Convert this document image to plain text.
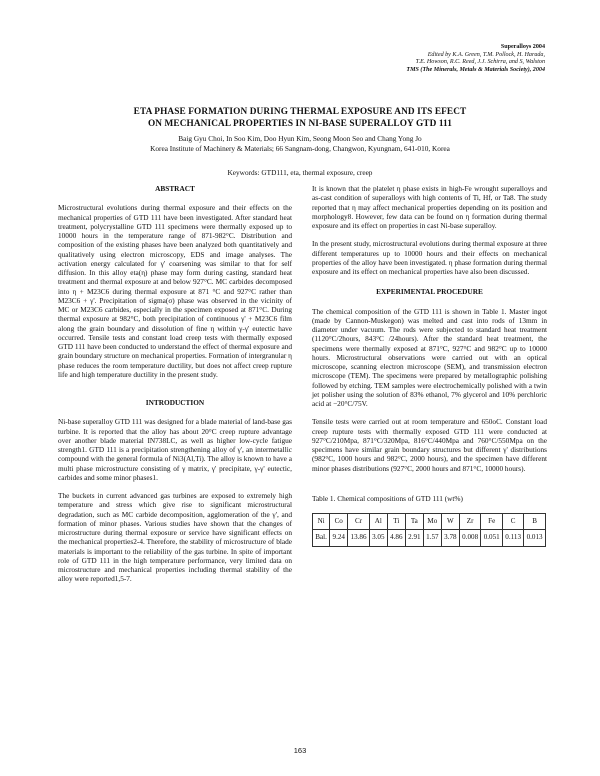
Superalloys 2004
Edited by K.A. Green, T.M. Pollock, H. Harada,
T.E. Howson, R.C. Reed, J.J. Schirra, and S, Walston
TMS (The Minerals, Metals & Materials Society), 2004
ETA PHASE FORMATION DURING THERMAL EXPOSURE AND ITS EFECT
ON MECHANICAL PROPERTIES IN NI-BASE SUPERALLOY GTD 111
Baig Gyu Choi, In Soo Kim, Doo Hyun Kim, Seong Moon Seo and Chang Yong Jo
Korea Institute of Machinery & Materials; 66 Sangnam-dong, Changwon, Kyungnam, 641-010, Korea
Keywords: GTD111, eta, thermal exposure, creep
ABSTRACT

Microstructural evolutions during thermal exposure and their effects on the mechanical properties of GTD 111 have been investigated. After standard heat treatment, polycrystalline GTD 111 specimens were thermally exposed up to 10000 hours in the temperature range of 871-982°C. Distribution and composition of the existing phases have been analyzed both quantitatively and qualitatively using electron microscopy, EDS and image analyses. The activation energy calculated for γ' coarsening was similar to that for self diffusion. In this alloy eta(η) phase may form during casting, standard heat treatment and thermal exposure at and below 927°C. MC carbides decomposed into η + M23C6 during thermal exposure at 871 °C and 927°C rather than M23C6 + γ'. Precipitation of sigma(σ) phase was observed in the vicinity of MC or M23C6 carbides, especially in the specimen exposed at 871°C. During thermal exposure at 982°C, both precipitation of continuous γ' + M23C6 film along the grain boundary and dissolution of fine η within γ-γ' eutectic have occurred. Tensile tests and constant load creep tests with thermally exposed GTD 111 have been conducted to understand the effect of thermal exposure and grain boundary structure on mechanical properties. Formation of intergranular η phase reduces the room temperature ductility, but does not affect creep rupture life and high temperature ductility in the present study.

INTRODUCTION

Ni-base superalloy GTD 111 was designed for a blade material of land-base gas turbine. It is reported that the alloy has about 20°C creep rupture advantage over another blade material IN738LC, as well as higher low-cycle fatigue strength1. GTD 111 is a precipitation strengthening alloy of γ', an intermetallic compound with the general formula of Ni3(Al,Ti). The alloy is known to have a multi phase microstructure consisting of γ matrix, γ' precipitate, γ-γ' eutectic, carbides and some minor phases1.

The buckets in current advanced gas turbines are exposed to extremely high temperature and stress which give rise to significant microstructural degradation, such as MC carbide decomposition, agglomeration of the γ', and formation of minor phases. Various studies have shown that the changes of microstructure during thermal exposure or service have significant effects on the mechanical properties2-4. Therefore, the stability of microstructure of blade materials is important to the reliability of the gas turbine. In spite of important role of GTD 111 in the high temperature performance, very limited data on microstructure and mechanical properties including thermal stability of the alloy were reported1,5-7.

It is known that the platelet η phase exists in high-Fe wrought superalloys and as-cast condition of superalloys with high contents of Ti, Hf, or Ta8. The study reported that η may affect mechanical properties depending on its position and morphology8. However, few data can be found on η formation during thermal exposure and its effect on properties in cast Ni-base superalloy.

In the present study, microstructural evolutions during thermal exposure at three different temperatures up to 10000 hours and their effects on mechanical properties of the alloy have been investigated. η phase formation during thermal exposure and its effect on mechanical properties have also been discussed.

EXPERIMENTAL PROCEDURE

The chemical composition of the GTD 111 is shown in Table 1. Master ingot (made by Cannon-Muskegon) was melted and cast into rods of 13mm in diameter under vacuum. The rods were subjected to standard heat treatment (1120°C/2hours, 843°C /24hours). After the standard heat treatment, the specimens were thermally exposed at 871°C, 927°C and 982°C up to 10000 hours. Microstructural observations were carried out with an optical microscope, scanning electron microscope (SEM), and transmission electron microscope (TEM). The specimens were prepared by metallographic polishing followed by etching. TEM samples were electrochemically polished with a twin jet polisher using the solution of 83% ethanol, 7% glycerol and 10% perchloric acid at −20°C/75V.

Tensile tests were carried out at room temperature and 650oC. Constant load creep rupture tests with thermally exposed GTD 111 were conducted at 927°C/210Mpa, 871°C/320Mpa, 816°C/440Mpa and 760°C/550Mpa on the specimens have similar grain boundary structures but different γ' distributions (982°C, 1000 hours and 982°C, 2000 hours), and the specimen have different minor phases distributions (927°C, 2000 hours and 871°C, 10000 hours).

Table 1. Chemical compositions of GTD 111 (wt%)
Ni	Co	Cr	Al	Ti	Ta	Mo	W	Zr	Fe	C	B
Bal.	9.24	13.86	3.05	4.86	2.91	1.57	3.78	0.008	0.051	0.113	0.013
163
